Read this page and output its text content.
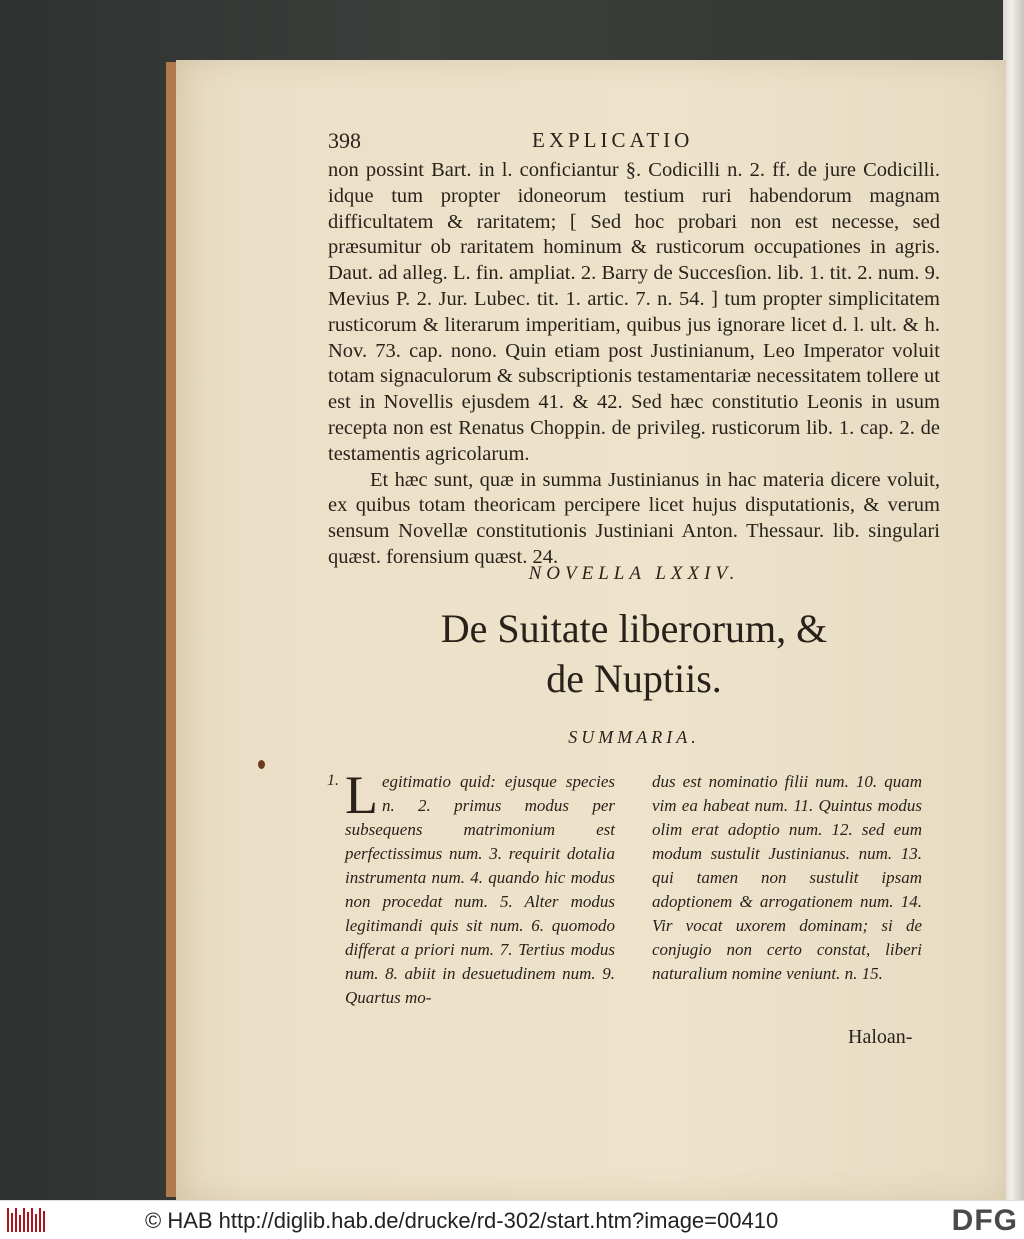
398	EXPLICATIO

non possint Bart. in l. conficiantur §. Codicilli n. 2. ff. de jure Codicilli. idque tum propter idoneorum testium ruri habendorum magnam difficultatem & raritatem; [ Sed hoc probari non est necesse, sed præsumitur ob raritatem hominum & rusticorum occupationes in agris. Daut. ad alleg. L. fin. ampliat. 2. Barry de Succesſion. lib. 1. tit. 2. num. 9. Mevius P. 2. Jur. Lubec. tit. 1. artic. 7. n. 54. ] tum propter simplicitatem rusticorum & literarum imperitiam, quibus jus ignorare licet d. l. ult. & h. Nov. 73. cap. nono. Quin etiam post Justinianum, Leo Imperator voluit totam signaculorum & subscriptionis testamentariæ necessitatem tollere ut est in Novellis ejusdem 41. & 42. Sed hæc constitutio Leonis in usum recepta non est Renatus Choppin. de privileg. rusticorum lib. 1. cap. 2. de testamentis agricolarum.

Et hæc sunt, quæ in summa Justinianus in hac materia dicere voluit, ex quibus totam theoricam percipere licet hujus disputationis, & verum sensum Novellæ constitutionis Justiniani Anton. Thessaur. lib. singulari quæst. forensium quæst. 24.

NOVELLA LXXIV.
De Suitate liberorum, &
de Nuptiis.
SUMMARIA.
1. L egitimatio quid: ejusque species n. 2. primus modus per subsequens matrimonium est perfectissimus num. 3. requirit dotalia instrumenta num. 4. quando hic modus non procedat num. 5. Alter modus legitimandi quis sit num. 6. quomodo differat a priori num. 7. Tertius modus num. 8. abiit in desuetudinem num. 9. Quartus mo-

dus est nominatio filii num. 10. quam vim ea habeat num. 11. Quintus modus olim erat adoptio num. 12. sed eum modum sustulit Justinianus. num. 13. qui tamen non sustulit ipsam adoptionem & arrogationem num. 14. Vir vocat uxorem dominam; si de conjugio non certo constat, liberi naturalium nomine veniunt. n. 15.

Haloan-
© HAB http://diglib.hab.de/drucke/rd-302/start.htm?image=00410	DFG
